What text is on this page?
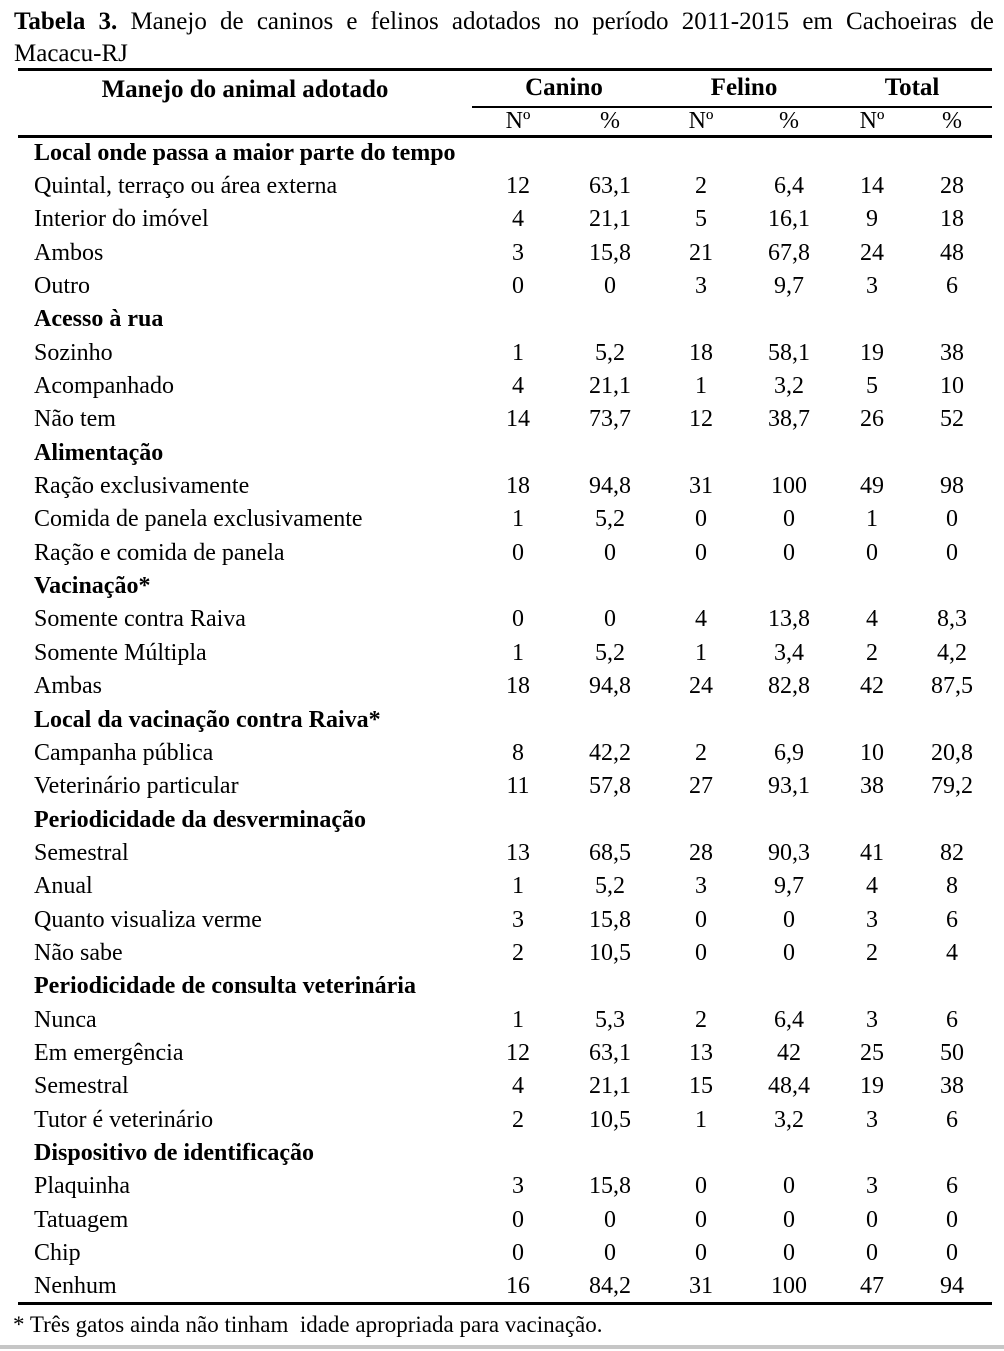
Tabela 3. Manejo de caninos e felinos adotados no período 2011-2015 em Cachoeiras de
Macacu-RJ
Manejo do animal adotado	Canino		Felino		Total	
	Nº	%	Nº	%	Nº	%
Local onde passa a maior parte do tempo						
Quintal, terraço ou área externa	12	63,1	2	6,4	14	28
Interior do imóvel	4	21,1	5	16,1	9	18
Ambos	3	15,8	21	67,8	24	48
Outro	0	0	3	9,7	3	6
Acesso à rua						
Sozinho	1	5,2	18	58,1	19	38
Acompanhado	4	21,1	1	3,2	5	10
Não tem	14	73,7	12	38,7	26	52
Alimentação						
Ração exclusivamente	18	94,8	31	100	49	98
Comida de panela exclusivamente	1	5,2	0	0	1	0
Ração e comida de panela	0	0	0	0	0	0
Vacinação*						
Somente contra Raiva	0	0	4	13,8	4	8,3
Somente Múltipla	1	5,2	1	3,4	2	4,2
Ambas	18	94,8	24	82,8	42	87,5
Local da vacinação contra Raiva*						
Campanha pública	8	42,2	2	6,9	10	20,8
Veterinário particular	11	57,8	27	93,1	38	79,2
Periodicidade da desverminação						
Semestral	13	68,5	28	90,3	41	82
Anual	1	5,2	3	9,7	4	8
Quanto visualiza verme	3	15,8	0	0	3	6
Não sabe	2	10,5	0	0	2	4
Periodicidade de consulta veterinária						
Nunca	1	5,3	2	6,4	3	6
Em emergência	12	63,1	13	42	25	50
Semestral	4	21,1	15	48,4	19	38
Tutor é veterinário	2	10,5	1	3,2	3	6
Dispositivo de identificação						
Plaquinha	3	15,8	0	0	3	6
Tatuagem	0	0	0	0	0	0
Chip	0	0	0	0	0	0
Nenhum	16	84,2	31	100	47	94
* Três gatos ainda não tinham  idade apropriada para vacinação.
